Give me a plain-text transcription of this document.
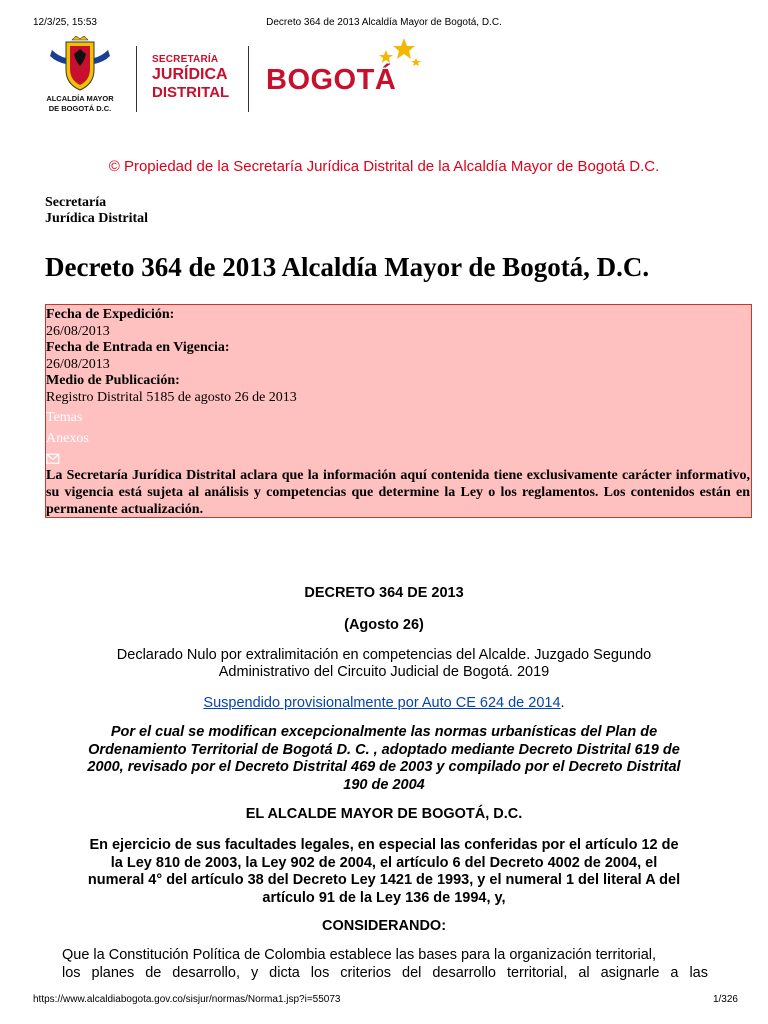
12/3/25, 15:53	Decreto 364 de 2013 Alcaldía Mayor de Bogotá, D.C.
ALCALDÍA MAYOR
DE BOGOTÁ D.C.
SECRETARÍA
JURÍDICA
DISTRITAL BOGOTÁ
© Propiedad de la Secretaría Jurídica Distrital de la Alcaldía Mayor de Bogotá D.C.
Secretaría
Jurídica Distrital
Decreto 364 de 2013 Alcaldía Mayor de Bogotá, D.C.
Fecha de Expedición:
26/08/2013
Fecha de Entrada en Vigencia:
26/08/2013
Medio de Publicación:
Registro Distrital 5185 de agosto 26 de 2013
Temas
Anexos
La Secretaría Jurídica Distrital aclara que la información aquí contenida tiene exclusivamente carácter informativo, su vigencia está sujeta al análisis y competencias que determine la Ley o los reglamentos. Los contenidos están en permanente actualización.
DECRETO 364 DE 2013
(Agosto 26)
Declarado Nulo por extralimitación en competencias del Alcalde. Juzgado Segundo
Administrativo del Circuito Judicial de Bogotá. 2019
Suspendido provisionalmente por Auto CE 624 de 2014.
Por el cual se modifican excepcionalmente las normas urbanísticas del Plan de
Ordenamiento Territorial de Bogotá D. C. , adoptado mediante Decreto Distrital 619 de
2000, revisado por el Decreto Distrital 469 de 2003 y compilado por el Decreto Distrital
190 de 2004
EL ALCALDE MAYOR DE BOGOTÁ, D.C.
En ejercicio de sus facultades legales, en especial las conferidas por el artículo 12 de
la Ley 810 de 2003, la Ley 902 de 2004, el artículo 6 del Decreto 4002 de 2004, el
numeral 4° del artículo 38 del Decreto Ley 1421 de 1993, y el numeral 1 del literal A del
artículo 91 de la Ley 136 de 1994, y,
CONSIDERANDO:
Que la Constitución Política de Colombia establece las bases para la organización territorial,
los planes de desarrollo, y dicta los criterios del desarrollo territorial, al asignarle a las
https://www.alcaldiabogota.gov.co/sisjur/normas/Norma1.jsp?i=55073	1/326
